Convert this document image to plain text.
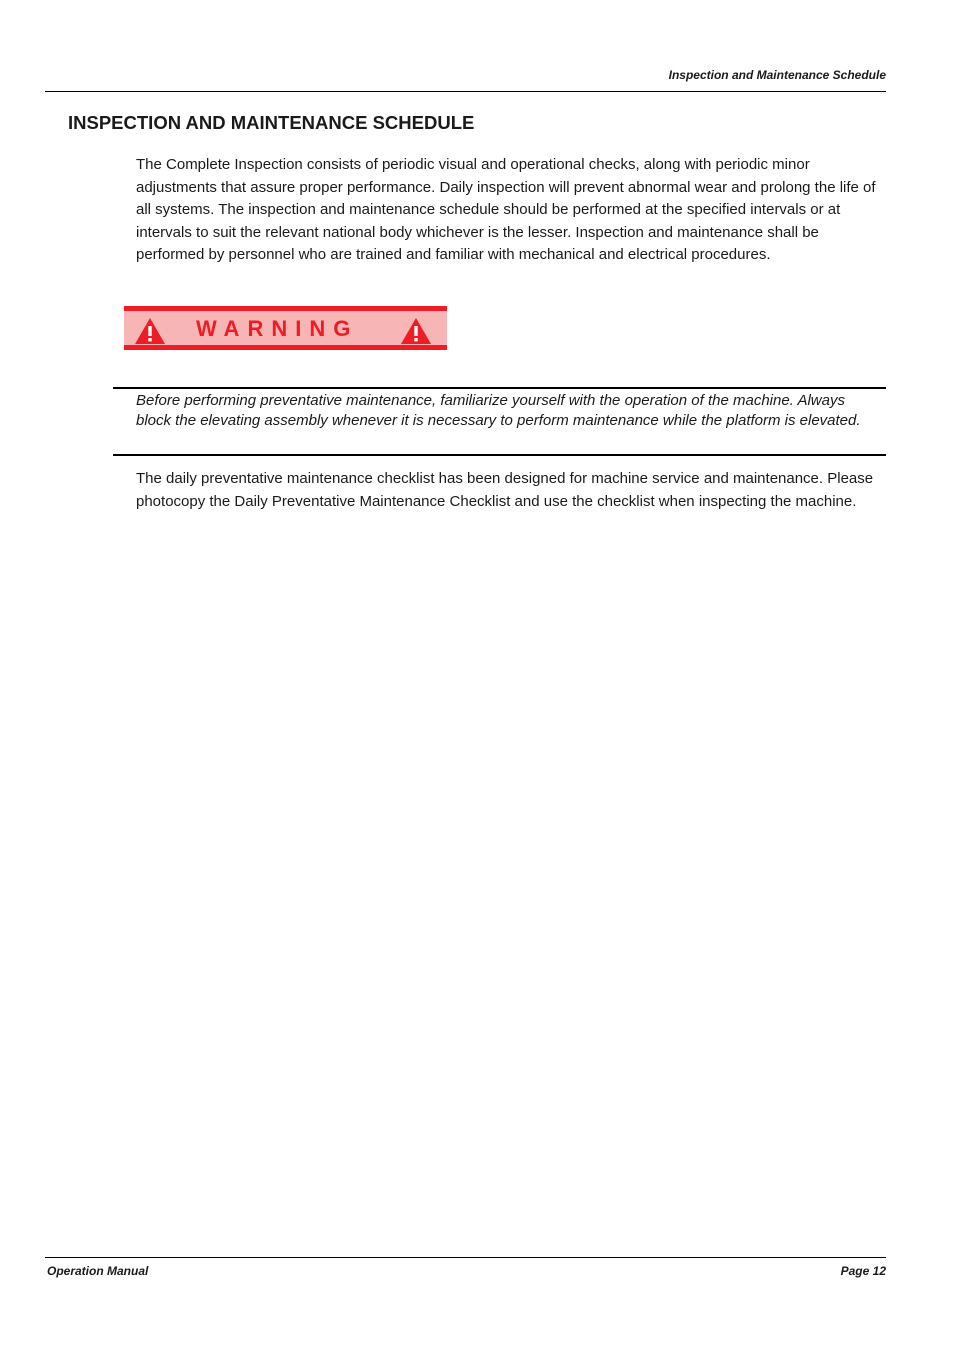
Inspection and Maintenance Schedule
INSPECTION AND MAINTENANCE SCHEDULE

The Complete Inspection consists of periodic visual and operational checks, along with periodic minor adjustments that assure proper performance. Daily inspection will prevent abnormal wear and prolong the life of all systems. The inspection and maintenance schedule should be performed at the specified intervals or at intervals to suit the relevant national body whichever is the lesser. Inspection and maintenance shall be performed by personnel who are trained and familiar with mechanical and electrical procedures.

WARNING

Before performing preventative maintenance, familiarize yourself with the operation of the machine. Always block the elevating assembly whenever it is necessary to perform maintenance while the platform is elevated.

The daily preventative maintenance checklist has been designed for machine service and maintenance. Please photocopy the Daily Preventative Maintenance Checklist and use the checklist when inspecting the machine.

Operation Manual	Page 12
